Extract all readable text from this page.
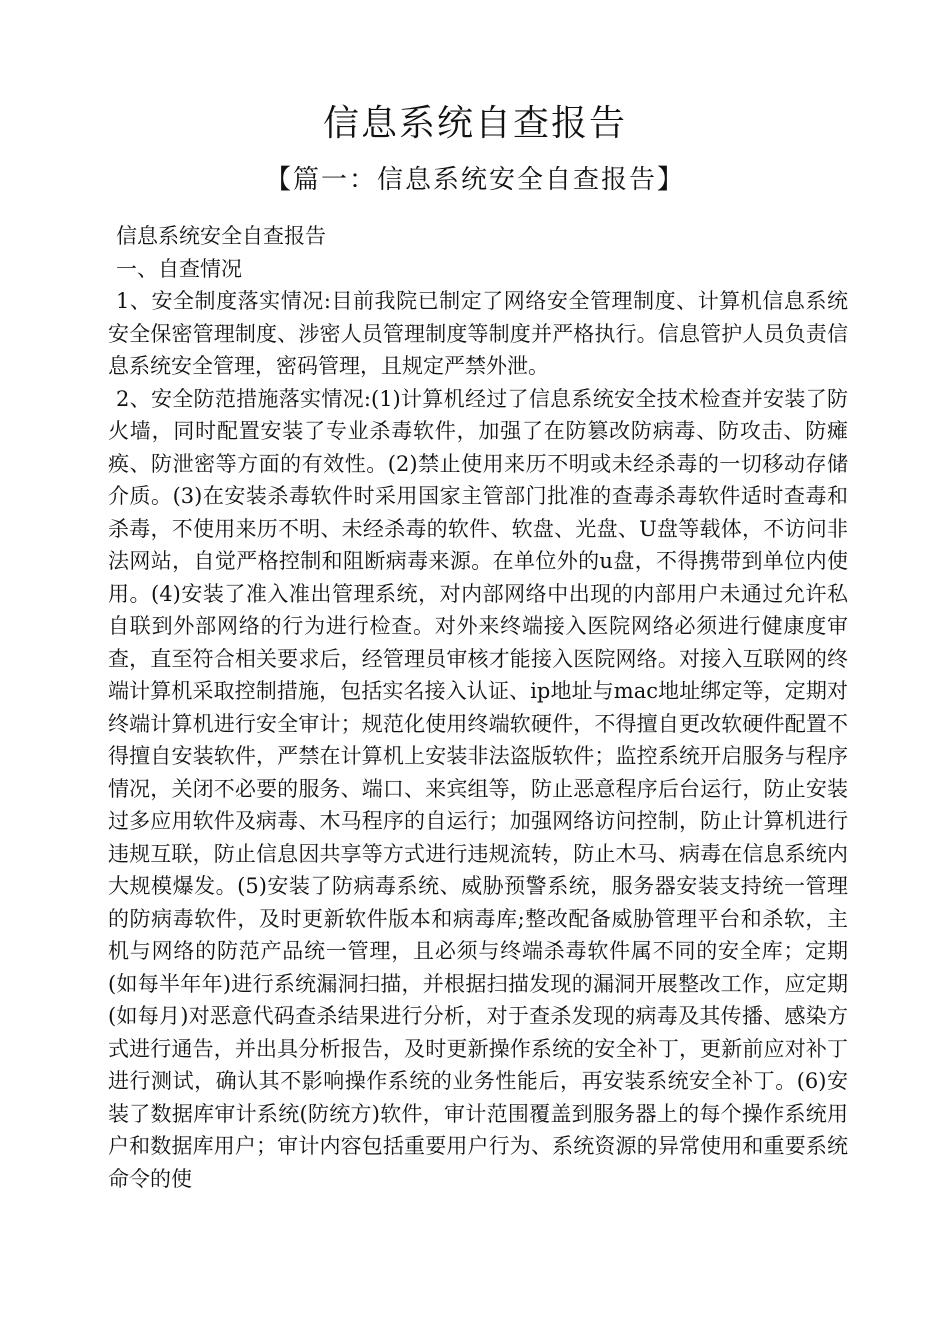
信息系统自查报告
【篇一：信息系统安全自查报告】

信息系统安全自查报告

一、自查情况

1、安全制度落实情况:目前我院已制定了网络安全管理制度、计算机信息系统安全保密管理制度、涉密人员管理制度等制度并严格执行。信息管护人员负责信息系统安全管理，密码管理，且规定严禁外泄。

2、安全防范措施落实情况:(1)计算机经过了信息系统安全技术检查并安装了防火墙，同时配置安装了专业杀毒软件，加强了在防篡改防病毒、防攻击、防瘫痪、防泄密等方面的有效性。(2)禁止使用来历不明或未经杀毒的一切移动存储介质。(3)在安装杀毒软件时采用国家主管部门批准的查毒杀毒软件适时查毒和杀毒，不使用来历不明、未经杀毒的软件、软盘、光盘、U盘等载体，不访问非法网站，自觉严格控制和阻断病毒来源。在单位外的u盘，不得携带到单位内使用。(4)安装了准入准出管理系统，对内部网络中出现的内部用户未通过允许私自联到外部网络的行为进行检查。对外来终端接入医院网络必须进行健康度审查，直至符合相关要求后，经管理员审核才能接入医院网络。对接入互联网的终端计算机采取控制措施，包括实名接入认证、ip地址与mac地址绑定等，定期对终端计算机进行安全审计；规范化使用终端软硬件，不得擅自更改软硬件配置不得擅自安装软件，严禁在计算机上安装非法盗版软件；监控系统开启服务与程序情况，关闭不必要的服务、端口、来宾组等，防止恶意程序后台运行，防止安装过多应用软件及病毒、木马程序的自运行；加强网络访问控制，防止计算机进行违规互联，防止信息因共享等方式进行违规流转，防止木马、病毒在信息系统内大规模爆发。(5)安装了防病毒系统、威胁预警系统，服务器安装支持统一管理的防病毒软件，及时更新软件版本和病毒库;整改配备威胁管理平台和杀软，主机与网络的防范产品统一管理，且必须与终端杀毒软件属不同的安全库；定期(如每半年年)进行系统漏洞扫描，并根据扫描发现的漏洞开展整改工作，应定期(如每月)对恶意代码查杀结果进行分析，对于查杀发现的病毒及其传播、感染方式进行通告，并出具分析报告，及时更新操作系统的安全补丁，更新前应对补丁进行测试，确认其不影响操作系统的业务性能后，再安装系统安全补丁。(6)安装了数据库审计系统(防统方)软件，审计范围覆盖到服务器上的每个操作系统用户和数据库用户；审计内容包括重要用户行为、系统资源的异常使用和重要系统命令的使
